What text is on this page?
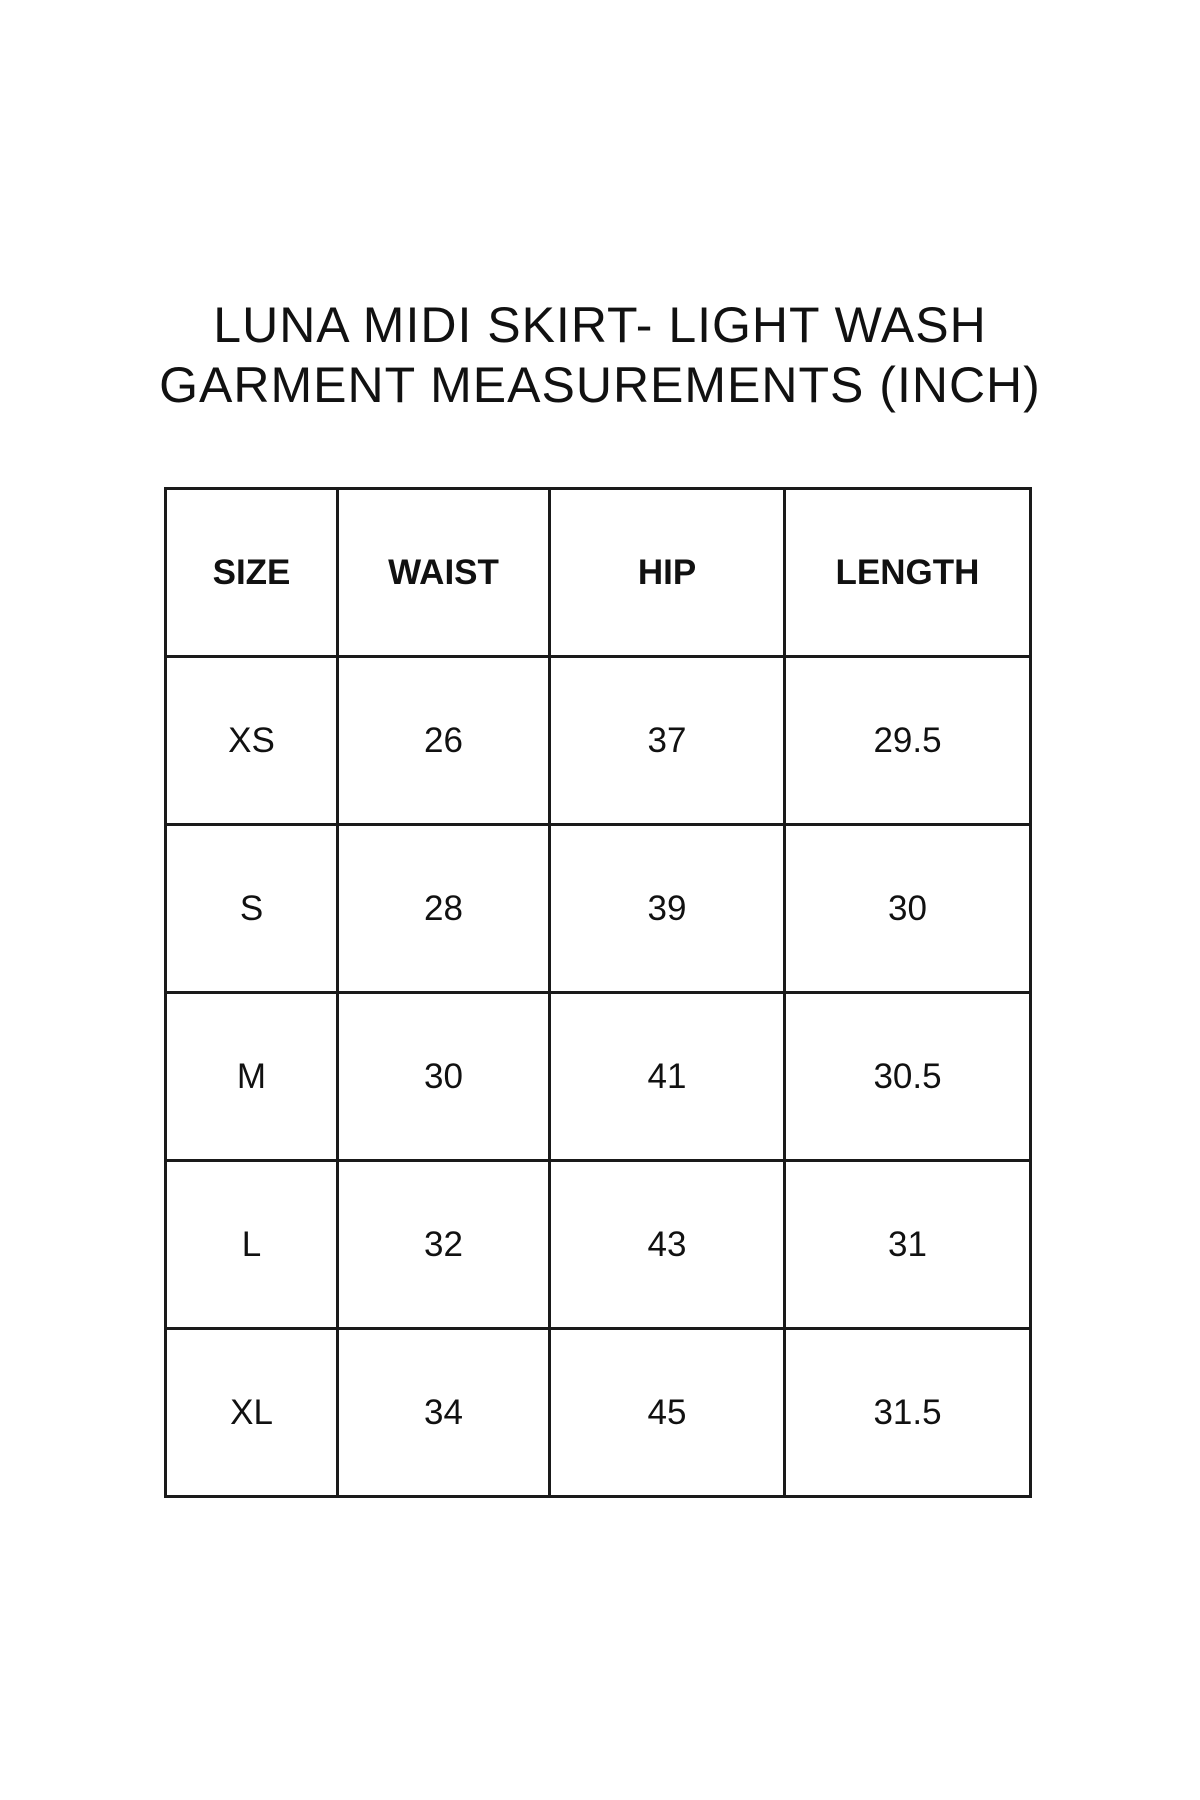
LUNA MIDI SKIRT- LIGHT WASH
GARMENT MEASUREMENTS (INCH)
SIZE	WAIST	HIP	LENGTH
XS	26	37	29.5
S	28	39	30
M	30	41	30.5
L	32	43	31
XL	34	45	31.5
